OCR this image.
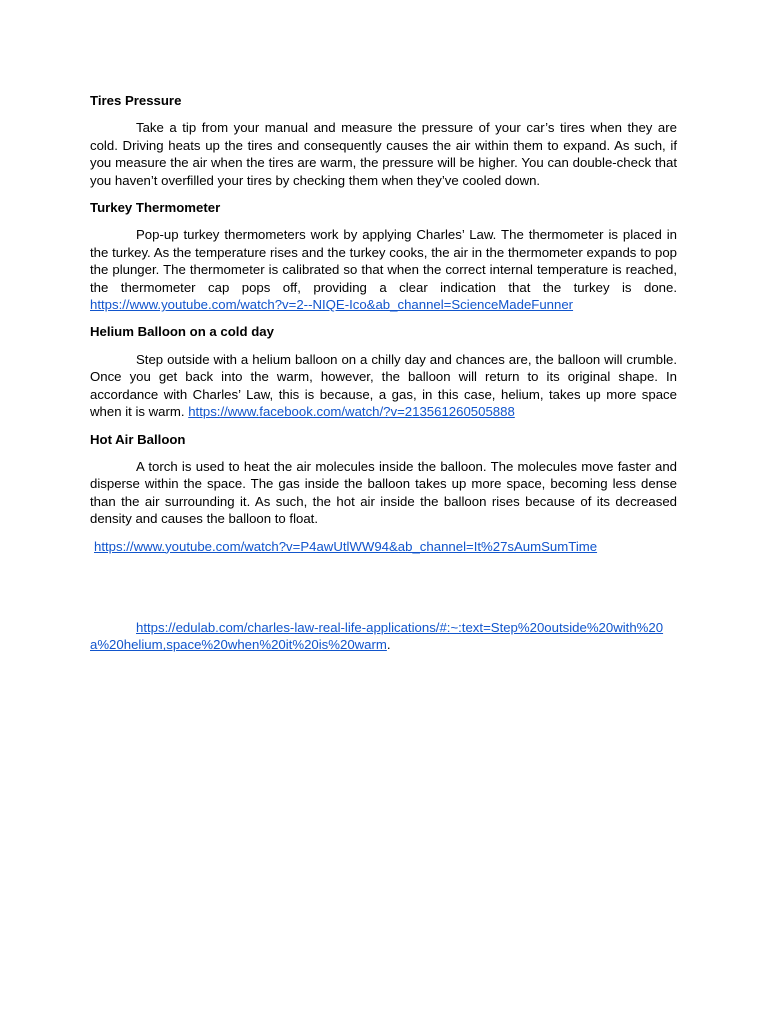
Tires Pressure

Take a tip from your manual and measure the pressure of your car’s tires when they are cold. Driving heats up the tires and consequently causes the air within them to expand. As such, if you measure the air when the tires are warm, the pressure will be higher. You can double-check that you haven’t overfilled your tires by checking them when they’ve cooled down.

Turkey Thermometer

Pop-up turkey thermometers work by applying Charles’ Law. The thermometer is placed in the turkey. As the temperature rises and the turkey cooks, the air in the thermometer expands to pop the plunger. The thermometer is calibrated so that when the correct internal temperature is reached, the thermometer cap pops off, providing a clear indication that the turkey is done. https://www.youtube.com/watch?v=2--NIQE-Ico&ab_channel=ScienceMadeFunner

Helium Balloon on a cold day

Step outside with a helium balloon on a chilly day and chances are, the balloon will crumble. Once you get back into the warm, however, the balloon will return to its original shape. In accordance with Charles’ Law, this is because, a gas, in this case, helium, takes up more space when it is warm. https://www.facebook.com/watch/?v=213561260505888

Hot Air Balloon

A torch is used to heat the air molecules inside the balloon. The molecules move faster and disperse within the space. The gas inside the balloon takes up more space, becoming less dense than the air surrounding it. As such, the hot air inside the balloon rises because of its decreased density and causes the balloon to float.

https://www.youtube.com/watch?v=P4awUtlWW94&ab_channel=It%27sAumSumTime

https://edulab.com/charles-law-real-life-applications/#:~:text=Step%20outside%20with%20a%20helium,space%20when%20it%20is%20warm.
